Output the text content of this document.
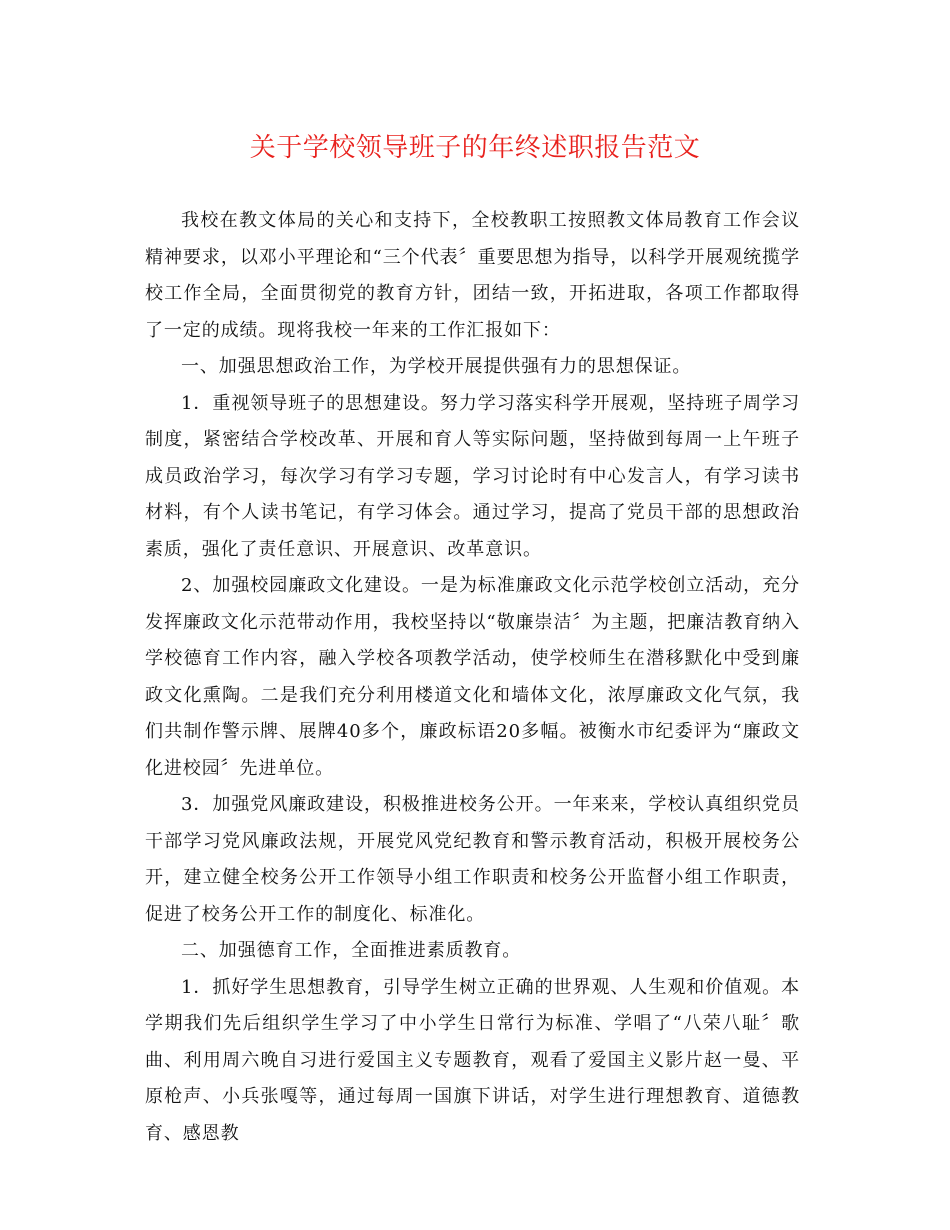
关于学校领导班子的年终述职报告范文

我校在教文体局的关心和支持下，全校教职工按照教文体局教育工作会议精神要求，以邓小平理论和“三个代表〞重要思想为指导，以科学开展观统揽学校工作全局，全面贯彻党的教育方针，团结一致，开拓进取，各项工作都取得了一定的成绩。现将我校一年来的工作汇报如下：

一、加强思想政治工作，为学校开展提供强有力的思想保证。

1．重视领导班子的思想建设。努力学习落实科学开展观，坚持班子周学习制度，紧密结合学校改革、开展和育人等实际问题，坚持做到每周一上午班子成员政治学习，每次学习有学习专题，学习讨论时有中心发言人，有学习读书材料，有个人读书笔记，有学习体会。通过学习，提高了党员干部的思想政治素质，强化了责任意识、开展意识、改革意识。

2、加强校园廉政文化建设。一是为标准廉政文化示范学校创立活动，充分发挥廉政文化示范带动作用，我校坚持以“敬廉崇洁〞为主题，把廉洁教育纳入学校德育工作内容，融入学校各项教学活动，使学校师生在潜移默化中受到廉政文化熏陶。二是我们充分利用楼道文化和墙体文化，浓厚廉政文化气氛，我们共制作警示牌、展牌40多个，廉政标语20多幅。被衡水市纪委评为“廉政文化进校园〞先进单位。

3．加强党风廉政建设，积极推进校务公开。一年来来，学校认真组织党员干部学习党风廉政法规，开展党风党纪教育和警示教育活动，积极开展校务公开，建立健全校务公开工作领导小组工作职责和校务公开监督小组工作职责，促进了校务公开工作的制度化、标准化。

二、加强德育工作，全面推进素质教育。

1．抓好学生思想教育，引导学生树立正确的世界观、人生观和价值观。本学期我们先后组织学生学习了中小学生日常行为标准、学唱了“八荣八耻〞歌曲、利用周六晚自习进行爱国主义专题教育，观看了爱国主义影片赵一曼、平原枪声、小兵张嘎等，通过每周一国旗下讲话，对学生进行理想教育、道德教育、感恩教
